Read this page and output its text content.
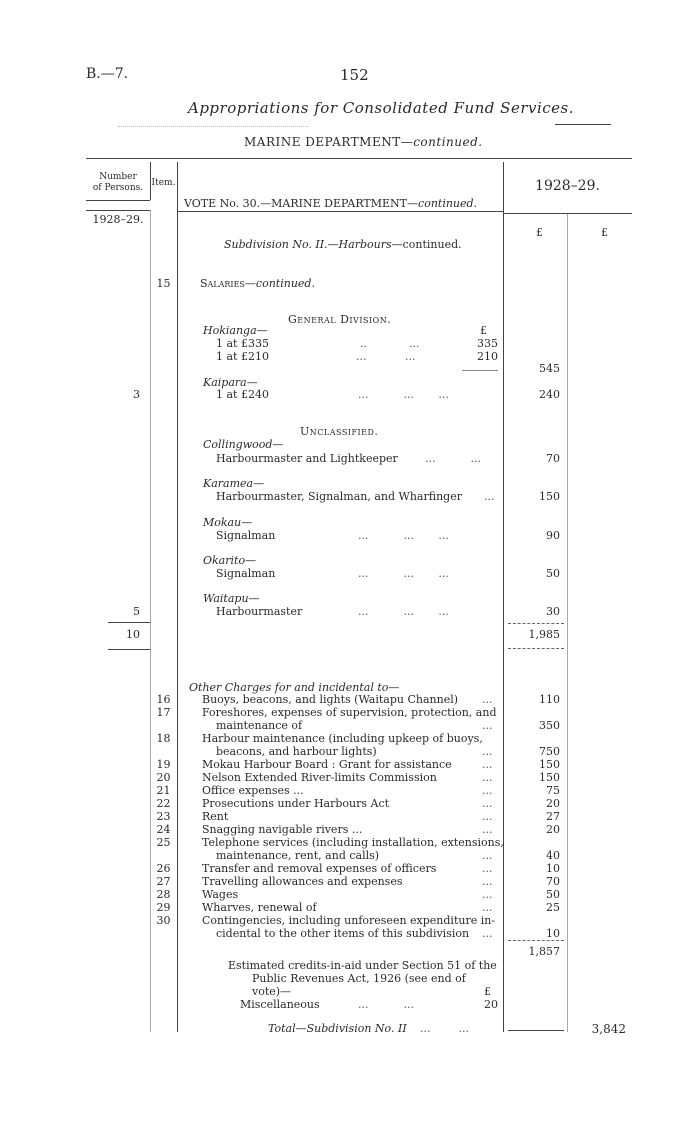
B.—7.	152
Appropriations for Consolidated Fund Services.
MARINE DEPARTMENT—continued.
Number
of Persons. Item.	1928–29.
1928–29.
VOTE No. 30.—MARINE DEPARTMENT—continued.
£	£
Subdivision No. II.—Harbours—continued.
15	Salaries—continued.
General Division.
Hokianga—	£
1 at £335	..            ...	335
1 at £210	...           ...	210
545
Kaipara—
3	1 at £240	...          ...       ...	240
Unclassified.
Collingwood—
Harbourmaster and Lightkeeper ...          ...	70
Karamea—
Harbourmaster, Signalman, and Wharfinger ...	150
Mokau—
Signalman	...          ...       ...	90
Okarito—
Signalman	...          ...       ...	50
Waitapu—
5	Harbourmaster	...          ...       ...	30
10	1,985
Other Charges for and incidental to—
16	Buoys, beacons, and lights (Waitapu Channel) ...	110
17	Foreshores, expenses of supervision, protection, and
maintenance of	...	350
18	Harbour maintenance (including upkeep of buoys,
beacons, and harbour lights)	...	750
19	Mokau Harbour Board : Grant for assistance	...	150
20	Nelson Extended River-limits Commission	...	150
21	Office expenses ...	...	75
22	Prosecutions under Harbours Act	...	20
23	Rent	...	27
24	Snagging navigable rivers ...	...	20
25	Telephone services (including installation, extensions,
maintenance, rent, and calls)	...	40
26	Transfer and removal expenses of officers	...	10
27	Travelling allowances and expenses	...	70
28	Wages	...	50
29	Wharves, renewal of	...	25
30	Contingencies, including unforeseen expenditure in-
cidental to the other items of this subdivision ...	10
1,857
Estimated credits-in-aid under Section 51 of the
Public Revenues Act, 1926 (see end of
vote)—	£
Miscellaneous	...          ...	20
Total—Subdivision No. II ...        ...	3,842
